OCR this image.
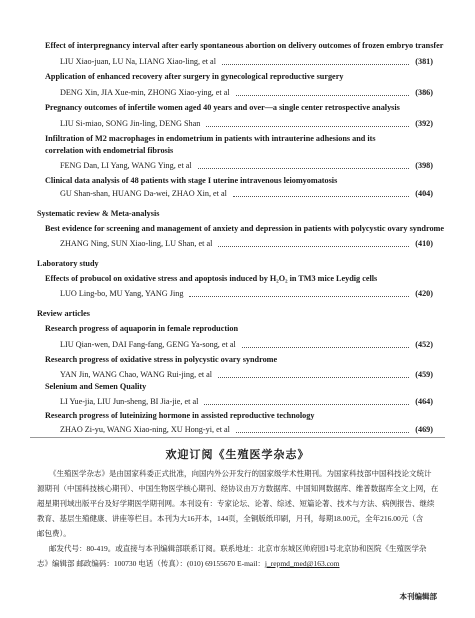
Effect of interpregnancy interval after early spontaneous abortion on delivery outcomes of frozen embryo transfer
LIU Xiao-juan, LU Na, LIANG Xiao-ling, et al	(381)
Application of enhanced recovery after surgery in gynecological reproductive surgery
DENG Xin, JIA Xue-min, ZHONG Xiao-ying, et al	(386)
Pregnancy outcomes of infertile women aged 40 years and over—a single center retrospective analysis
LIU Si-miao, SONG Jin-ling, DENG Shan	(392)
Infiltration of M2 macrophages in endometrium in patients with intrauterine adhesions and its
correlation with endometrial fibrosis
FENG Dan, LI Yang, WANG Ying, et al	(398)
Clinical data analysis of 48 patients with stage I uterine intravenous leiomyomatosis
GU Shan-shan, HUANG Da-wei, ZHAO Xin, et al	(404)
Systematic review & Meta-analysis
Best evidence for screening and management of anxiety and depression in patients with polycystic ovary syndrome
ZHANG Ning, SUN Xiao-ling, LU Shan, et al	(410)
Laboratory study
Effects of probucol on oxidative stress and apoptosis induced by H₂O₂ in TM3 mice Leydig cells
LUO Ling-bo, MU Yang, YANG Jing	(420)
Review articles
Research progress of aquaporin in female reproduction
LIU Qian-wen, DAI Fang-fang, GENG Ya-song, et al	(452)
Research progress of oxidative stress in polycystic ovary syndrome
YAN Jin, WANG Chao, WANG Rui-jing, et al	(459)
Selenium and Semen Quality
LI Yue-jia, LIU Jun-sheng, BI Jia-jie, et al	(464)
Research progress of luteinizing hormone in assisted reproductive technology
ZHAO Zi-yu, WANG Xiao-ning, XU Hong-yi, et al	(469)
欢迎订阅《生殖医学杂志》
《生殖医学杂志》是由国家科委正式批准，向国内外公开发行的国家级学术性期刊。为国家科技部中国科技论文统计
源期刊（中国科技核心期刊）、中国生物医学核心期刊、经协议由万方数据库、中国知网数据库、维普数据库全文上网，在
超星期刊域出版平台及好学期医学期刊网。本刊设有：专家论坛、论著、综述、短篇论著、技术与方法、病例报告、继续
教育、基层生殖健康、讲座等栏目。本刊为大16开本，144页，全铜版纸印刷，月刊，每期18.00元，全年216.00元（含
邮包费）。
邮发代号：80-419。或直接与本刊编辑部联系订阅。联系地址：北京市东城区帅府园1号北京协和医院《生殖医学杂
志》编辑部 邮政编码：100730 电话（传真）：(010) 69155670 E-mail：j_repmd_med@163.com
本刊编辑部
